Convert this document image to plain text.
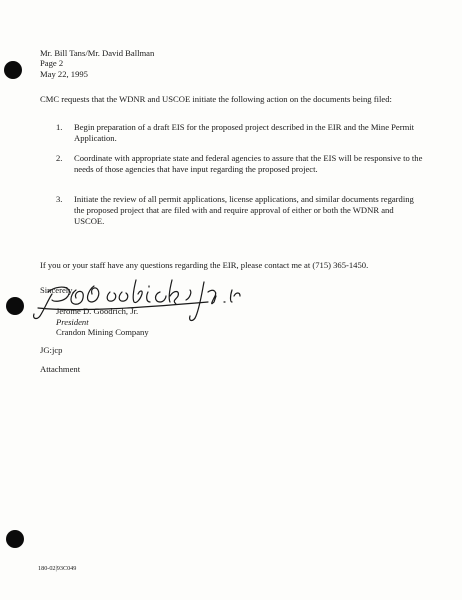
Mr. Bill Tans/Mr. David Ballman
Page 2
May 22, 1995
CMC requests that the WDNR and USCOE initiate the following action on the documents being filed:
1. Begin preparation of a draft EIS for the proposed project described in the EIR and the Mine Permit Application.
2. Coordinate with appropriate state and federal agencies to assure that the EIS will be responsive to the needs of those agencies that have input regarding the proposed project.
3. Initiate the review of all permit applications, license applications, and similar documents regarding the proposed project that are filed with and require approval of either or both the WDNR and USCOE.
If you or your staff have any questions regarding the EIR, please contact me at (715) 365-1450.
Sincerely,
Jerome D. Goodrich, Jr.
President
Crandon Mining Company
JG:jcp
Attachment
180-02|93C049
